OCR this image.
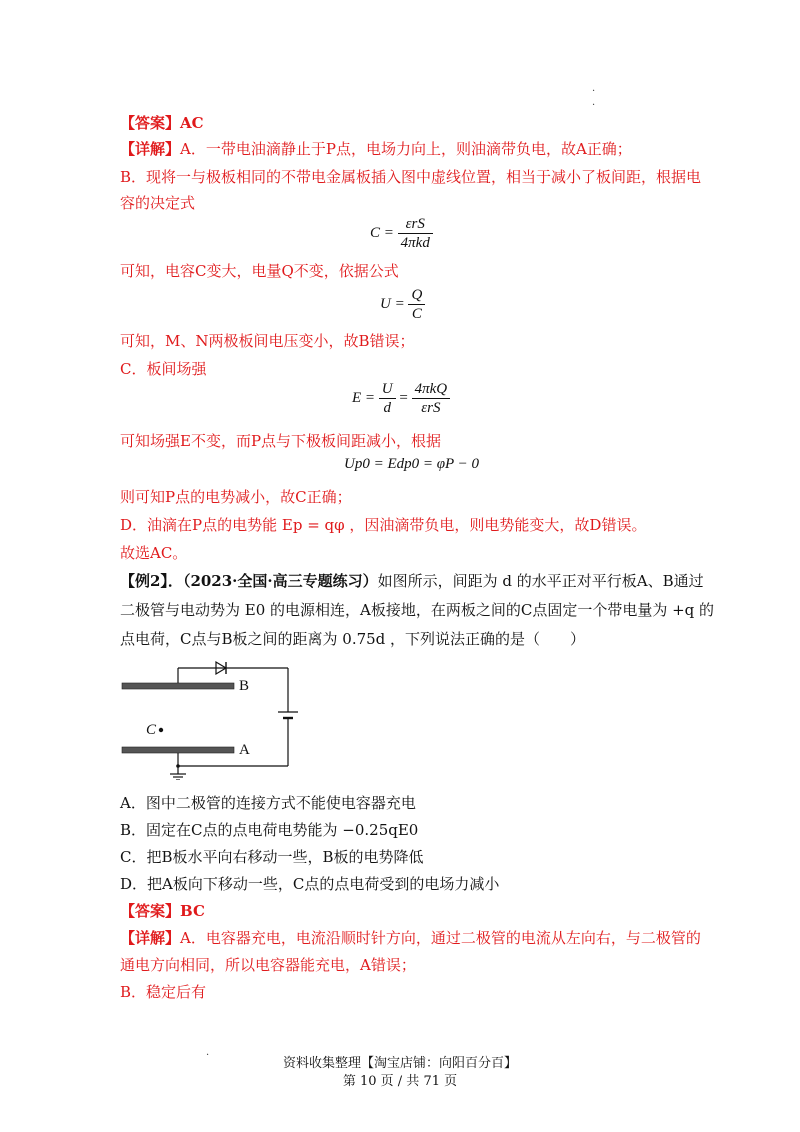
·
·
【答案】AC
【详解】A．一带电油滴静止于P点，电场力向上，则油滴带负电，故A正确；
B．现将一与极板相同的不带电金属板插入图中虚线位置，相当于减小了板间距，根据电
容的决定式
$C = \frac{\text{εrS}}{\text{4πkd}}$
可知，电容C变大，电量Q不变，依据公式
$U = \frac{Q}{C}$
可知，M、N两极板间电压变小，故B错误；
C．板间场强
$E = \frac{U}{d} = \frac{\text{4πkQ}}{\text{εrS}}$
可知场强E不变，而P点与下极板间距减小，根据
Up0 = Edp0 = φP − 0
则可知P点的电势减小，故C正确；
D．油滴在P点的电势能 Ep = qφ ，因油滴带负电，则电势能变大，故D错误。
故选AC。
【例2】．（2023·全国·高三专题练习）如图所示，间距为 d 的水平正对平行板A、B通过
二极管与电动势为 E0 的电源相连，A板接地，在两板之间的C点固定一个带电量为 +q 的
点电荷，C点与B板之间的距离为 0.75d ，下列说法正确的是（　　）
B
A
C
A．图中二极管的连接方式不能使电容器充电
B．固定在C点的点电荷电势能为 −0.25qE0
C．把B板水平向右移动一些，B板的电势降低
D．把A板向下移动一些，C点的点电荷受到的电场力减小
【答案】BC
【详解】A．电容器充电，电流沿顺时针方向，通过二极管的电流从左向右，与二极管的
通电方向相同，所以电容器能充电，A错误；
B．稳定后有
·
资料收集整理【淘宝店铺：向阳百分百】
第 10 页 / 共 71 页
